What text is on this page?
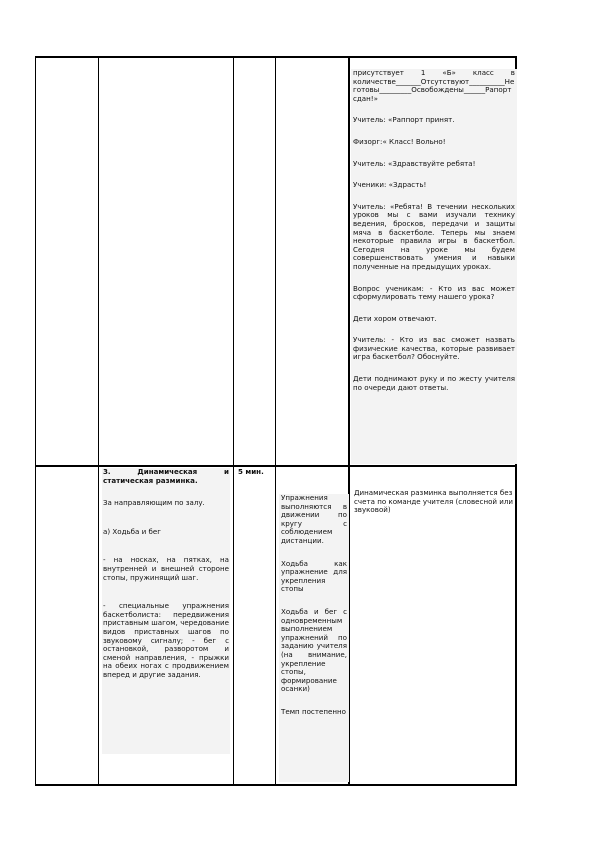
присутствует 1 «Б» класс в количестве_______Отсутствуют__________Не готовы_________Освобождены______Рапорт сдан!»

Учитель: «Раппорт принят.

Физорг:« Класс! Вольно!

Учитель: «Здравствуйте ребята!

Ученики: «Здрасть!

Учитель: «Ребята! В течении нескольких уроков мы с вами изучали технику ведения, бросков, передачи и защиты мяча в баскетболе. Теперь мы знаем некоторые правила игры в баскетбол. Сегодня на уроке мы будем совершенствовать умения и навыки полученные на предыдущих уроках.

Вопрос ученикам: - Кто из вас может сформулировать тему нашего урока?

Дети хором отвечают.

Учитель: - Кто из вас сможет назвать физические качества, которые развивает игра баскетбол? Обоснуйте.

Дети поднимают руку и по жесту учителя по очереди дают ответы.

3. Динамическая и статическая разминка.

За направляющим по залу.

а) Ходьба и бег

- на носках, на пятках, на внутренней и внешней стороне стопы, пружинящий шаг.

- специальные упражнения баскетболиста: передвижения приставным шагом, чередование видов приставных шагов по звуковому сигналу; - бег с остановкой, разворотом и сменой направления, - прыжки на обеих ногах с продвижением вперед и другие задания.

5 мин.

Упражнения выполняются в движении по кругу с соблюдением дистанции.

Ходьба как упражнение для укрепления стопы

Ходьба и бег с одновременным выполнением упражнений по заданию учителя (на внимание, укрепление стопы, формирование осанки)

Темп постепенно

Динамическая разминка выполняется без счета по команде учителя (словесной или звуковой)
